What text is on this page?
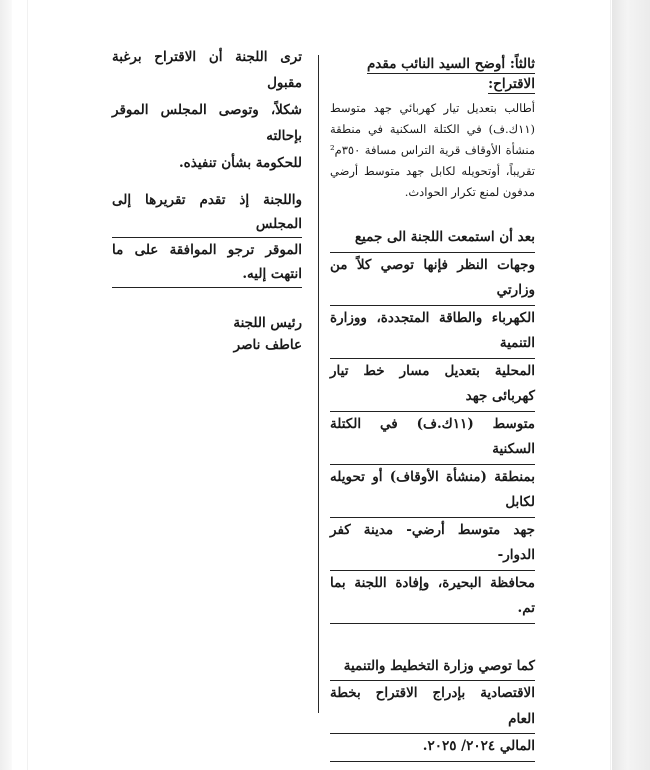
ثالثاً: أوضح السيد النائب مقدم الاقتراح:
أطالب بتعديل تيار كهربائي جهد متوسط (١١ك.ف) في الكتلة السكنية في منطقة منشأة الأوقاف قرية التراس مسافة ٣٥٠م² تقريباً، أوتحويله لكابل جهد متوسط أرضي مدفون لمنع تكرار الحوادث.
بعد أن استمعت اللجنة الى جميع
وجهات النظر فإنها توصي كلاً من وزارتي
الكهرباء والطاقة المتجددة، ووزارة التنمية
المحلية بتعديل مسار خط تيار كهربائى جهد
متوسط (١١ك.ف) في الكتلة السكنية
بمنطقة (منشأة الأوقاف) أو تحويله لكابل
جهد متوسط أرضي- مدينة كفر الدوار-
محافظة البحيرة، وإفادة اللجنة بما تم.
كما توصي وزارة التخطيط والتنمية
الاقتصادية بإدراج الاقتراح بخطة العام
المالي ٢٠٢٤/ ٢٠٢٥.
ترى اللجنة أن الاقتراح برغبة مقبول
شكلاً، وتوصى المجلس الموقر بإحالته
للحكومة بشأن تنفيذه.
واللجنة إذ تقدم تقريرها إلى المجلس
الموقر ترجو الموافقة على ما انتهت إليه.
رئيس اللجنة
عاطف ناصر
